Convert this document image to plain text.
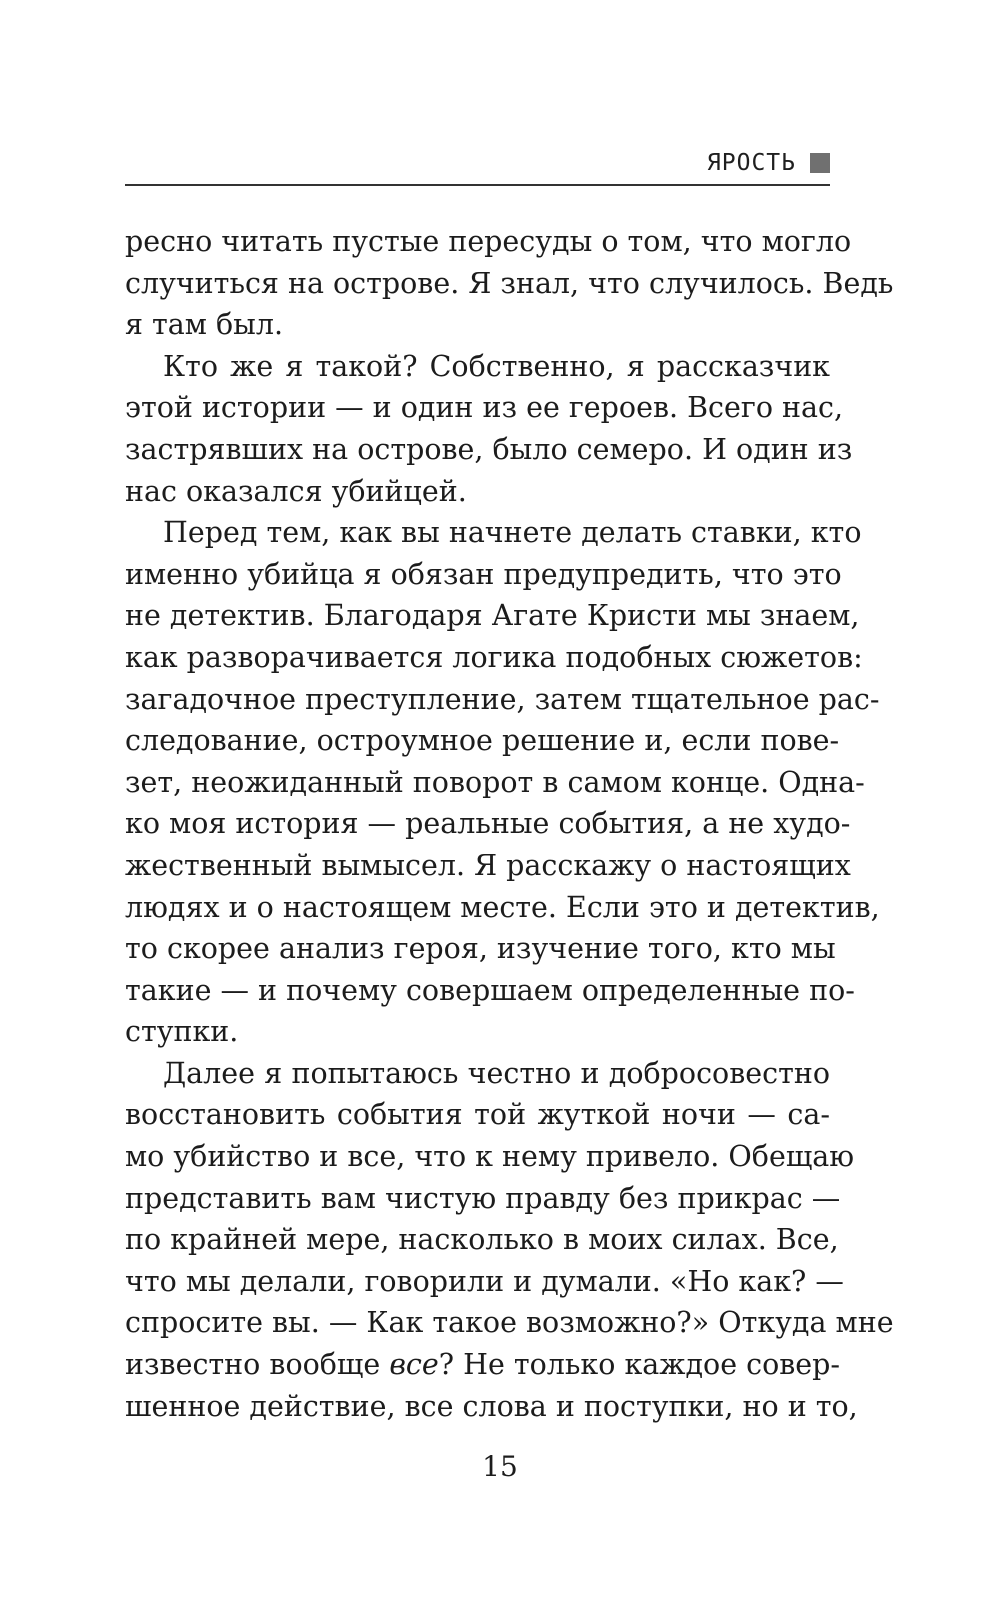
ЯРОСТЬ
ресно читать пустые пересуды о том, что могло
случиться на острове. Я знал, что случилось. Ведь
я там был.
Кто же я такой? Собственно, я рассказчик
этой истории — и один из ее героев. Всего нас,
застрявших на острове, было семеро. И один из
нас оказался убийцей.
Перед тем, как вы начнете делать ставки, кто
именно убийца я обязан предупредить, что это
не детектив. Благодаря Агате Кристи мы знаем,
как разворачивается логика подобных сюжетов:
загадочное преступление, затем тщательное рас-
следование, остроумное решение и, если пове-
зет, неожиданный поворот в самом конце. Одна-
ко моя история — реальные события, а не худо-
жественный вымысел. Я расскажу о настоящих
людях и о настоящем месте. Если это и детектив,
то скорее анализ героя, изучение того, кто мы
такие — и почему совершаем определенные по-
ступки.
Далее я попытаюсь честно и добросовестно
восстановить события той жуткой ночи — са-
мо убийство и все, что к нему привело. Обещаю
представить вам чистую правду без прикрас —
по крайней мере, насколько в моих силах. Все,
что мы делали, говорили и думали. «Но как? —
спросите вы. — Как такое возможно?» Откуда мне
известно вообще все? Не только каждое совер-
шенное действие, все слова и поступки, но и то,
15
